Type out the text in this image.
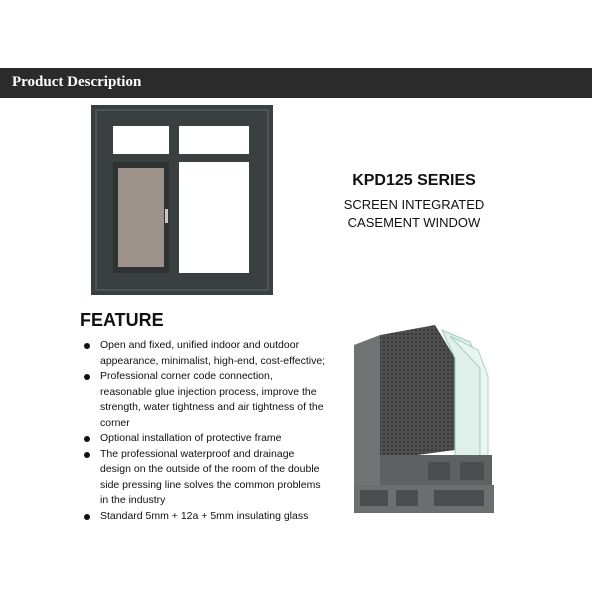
Product Description
KPD125 SERIES
SCREEN INTEGRATED
CASEMENT WINDOW
FEATURE
Open and fixed, unified indoor and outdoor appearance, minimalist, high-end, cost-effective;
Professional corner code connection, reasonable glue injection process, improve the strength, water tightness and air tightness of the corner
Optional installation of protective frame
The professional waterproof and drainage design on the outside of the room of the double side pressing line solves the common problems in the industry
Standard 5mm + 12a + 5mm insulating glass
